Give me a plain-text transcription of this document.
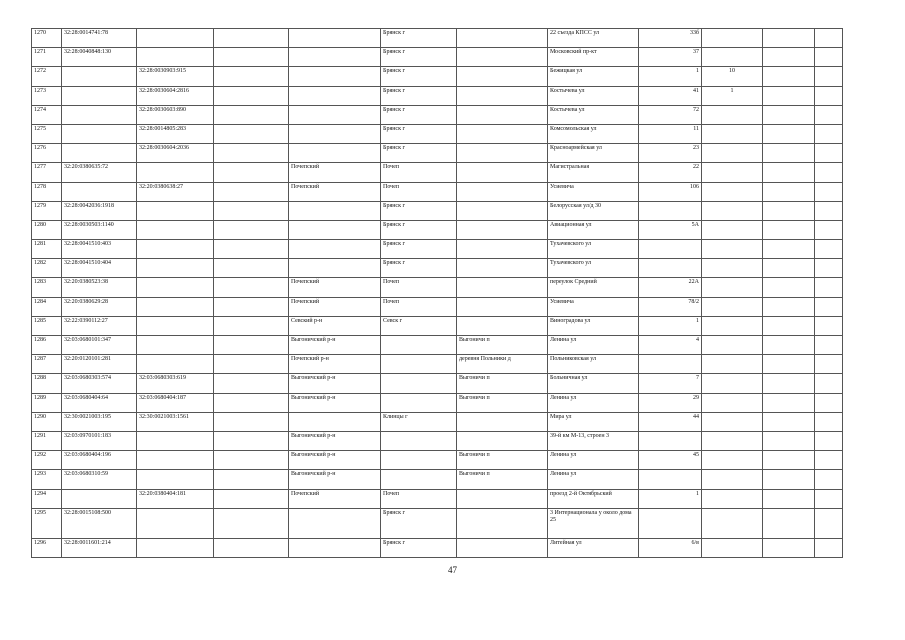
1270	32:28:0014741:78				Брянск г		22 съезда КПСС ул	33б			
1271	32:28:0040848:130				Брянск г		Московский пр-кт	37			
1272		32:28:0030903:915			Брянск г		Бежицкая ул	1	10		
1273		32:28:0030604:2816			Брянск г		Костычева ул	41	1		
1274		32:28:0030603:890			Брянск г		Костычева ул	72			
1275		32:28:0014805:283			Брянск г		Комсомольская ул	11			
1276		32:28:0030604:2036			Брянск г		Красноармейская ул	23			
1277	32:20:0380635:72			Почепский	Почеп		Магистральная	22			
1278		32:20:0380638:27		Почепский	Почеп		Усиевича	106			
1279	32:28:0042036:1918				Брянск г		Белорусская ул/д 30				
1280	32:28:0030503:1140				Брянск г		Авиационная ул	5А			
1281	32:28:0041510:403				Брянск г		Тухачевского ул				
1282	32:28:0041510:404				Брянск г		Тухачевского ул				
1283	32:20:0380523:38			Почепский	Почеп		переулок Средний	22А			
1284	32:20:0380629:28			Почепский	Почеп		Усиевича	78/2			
1285	32:22:0390112:27			Севский р-н	Севск г		Виноградова ул	1			
1286	32:03:0680101:347			Выгоничский р-н		Выгоничи п	Ленина ул	4			
1287	32:20:0120101:281			Почепский р-н		деревня Польники д	Польниковская ул				
1288	32:03:0680303:574	32:03:0680303:619		Выгоничский р-н		Выгоничи п	Больничная ул	7			
1289	32:03:0680404:64	32:03:0680404:187		Выгоничский р-н		Выгоничи п	Ленина ул	29			
1290	32:30:0021003:195	32:30:0021003:1561			Клинцы г		Мира ул	44			
1291	32:03:0970101:183			Выгоничский р-н			39-й км М-13, строен 3				
1292	32:03:0680404:196			Выгоничский р-н		Выгоничи п	Ленина ул	45			
1293	32:03:0680310:59			Выгоничский р-н		Выгоничи п	Ленина ул				
1294		32:20:0380404:181		Почепский	Почеп		проезд 2-й Октябрьский	1			
1295	32:28:0015108:500				Брянск г		3 Интернационала у около дома 25				
1296	32:28:0011601:214				Брянск г		Литейная ул	6/в			
47
